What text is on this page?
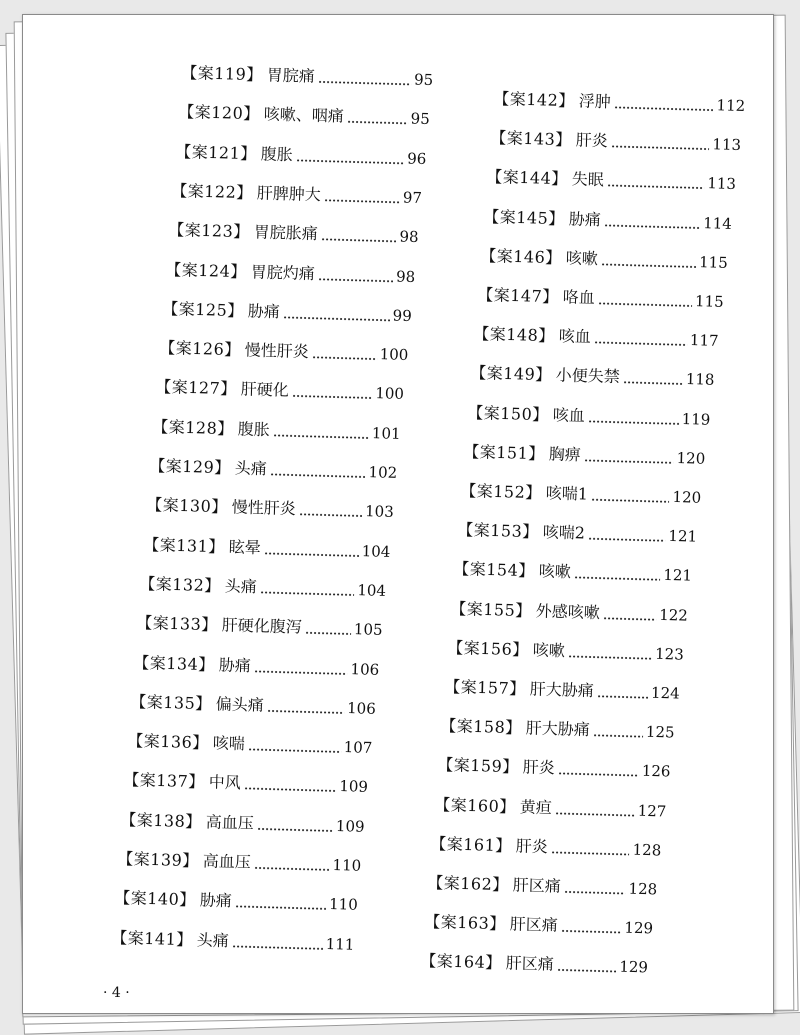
【案119】 胃脘痛	95
【案120】 咳嗽、咽痛	95
【案121】 腹胀	96
【案122】 肝脾肿大	97
【案123】 胃脘胀痛	98
【案124】 胃脘灼痛	98
【案125】 胁痛	99
【案126】 慢性肝炎	100
【案127】 肝硬化	100
【案128】 腹胀	101
【案129】 头痛	102
【案130】 慢性肝炎	103
【案131】 眩晕	104
【案132】 头痛	104
【案133】 肝硬化腹泻	105
【案134】 胁痛	106
【案135】 偏头痛	106
【案136】 咳喘	107
【案137】 中风	109
【案138】 高血压	109
【案139】 高血压	110
【案140】 胁痛	110
【案141】 头痛	111
【案142】 浮肿	112
【案143】 肝炎	113
【案144】 失眠	113
【案145】 胁痛	114
【案146】 咳嗽	115
【案147】 咯血	115
【案148】 咳血	117
【案149】 小便失禁	118
【案150】 咳血	119
【案151】 胸痹	120
【案152】 咳喘1	120
【案153】 咳喘2	121
【案154】 咳嗽	121
【案155】 外感咳嗽	122
【案156】 咳嗽	123
【案157】 肝大胁痛	124
【案158】 肝大胁痛	125
【案159】 肝炎	126
【案160】 黄疸	127
【案161】 肝炎	128
【案162】 肝区痛	128
【案163】 肝区痛	129
【案164】 肝区痛	129
· 4 ·
